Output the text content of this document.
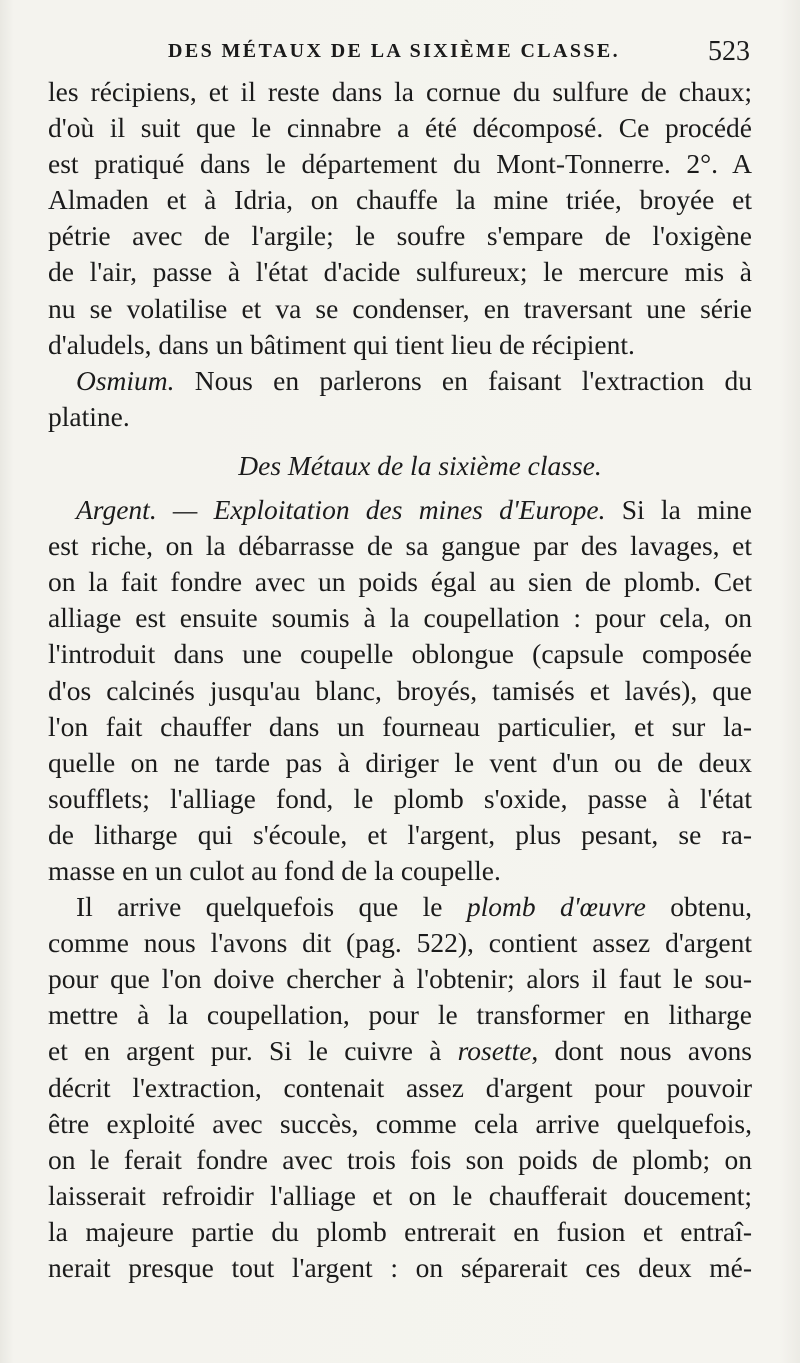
DES MÉTAUX DE LA SIXIÈME CLASSE.	523
les récipiens, et il reste dans la cornue du sulfure de chaux;
d'où il suit que le cinnabre a été décomposé. Ce procédé
est pratiqué dans le département du Mont-Tonnerre. 2°. A
Almaden et à Idria, on chauffe la mine triée, broyée et
pétrie avec de l'argile; le soufre s'empare de l'oxigène
de l'air, passe à l'état d'acide sulfureux; le mercure mis à
nu se volatilise et va se condenser, en traversant une série
d'aludels, dans un bâtiment qui tient lieu de récipient.
Osmium. Nous en parlerons en faisant l'extraction du
platine.
Des Métaux de la sixième classe.
Argent. — Exploitation des mines d'Europe. Si la mine
est riche, on la débarrasse de sa gangue par des lavages, et
on la fait fondre avec un poids égal au sien de plomb. Cet
alliage est ensuite soumis à la coupellation : pour cela, on
l'introduit dans une coupelle oblongue (capsule composée
d'os calcinés jusqu'au blanc, broyés, tamisés et lavés), que
l'on fait chauffer dans un fourneau particulier, et sur la-
quelle on ne tarde pas à diriger le vent d'un ou de deux
soufflets; l'alliage fond, le plomb s'oxide, passe à l'état
de litharge qui s'écoule, et l'argent, plus pesant, se ra-
masse en un culot au fond de la coupelle.
Il arrive quelquefois que le plomb d'œuvre obtenu,
comme nous l'avons dit (pag. 522), contient assez d'argent
pour que l'on doive chercher à l'obtenir; alors il faut le sou-
mettre à la coupellation, pour le transformer en litharge
et en argent pur. Si le cuivre à rosette, dont nous avons
décrit l'extraction, contenait assez d'argent pour pouvoir
être exploité avec succès, comme cela arrive quelquefois,
on le ferait fondre avec trois fois son poids de plomb; on
laisserait refroidir l'alliage et on le chaufferait doucement;
la majeure partie du plomb entrerait en fusion et entraî-
nerait presque tout l'argent : on séparerait ces deux mé-
